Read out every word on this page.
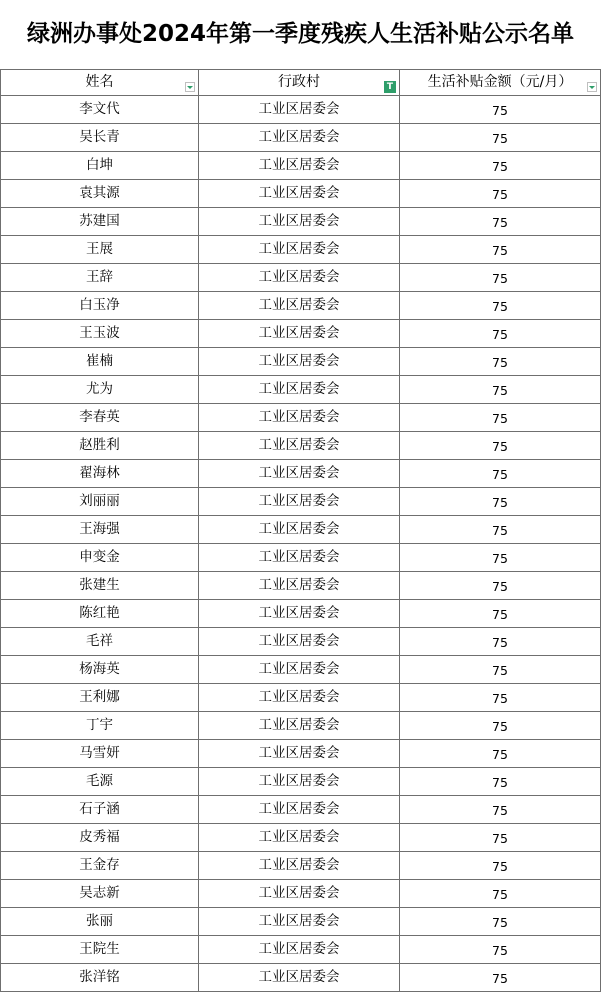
绿洲办事处2024年第一季度残疾人生活补贴公示名单
姓名	行政村 T	生活补贴金额（元/月）

李文代	工业区居委会	75
吴长青	工业区居委会	75
白坤	工业区居委会	75
袁其源	工业区居委会	75
苏建国	工业区居委会	75
王展	工业区居委会	75
王辞	工业区居委会	75
白玉净	工业区居委会	75
王玉波	工业区居委会	75
崔楠	工业区居委会	75
尤为	工业区居委会	75
李春英	工业区居委会	75
赵胜利	工业区居委会	75
翟海林	工业区居委会	75
刘丽丽	工业区居委会	75
王海强	工业区居委会	75
申变金	工业区居委会	75
张建生	工业区居委会	75
陈红艳	工业区居委会	75
毛祥	工业区居委会	75
杨海英	工业区居委会	75
王利娜	工业区居委会	75
丁宇	工业区居委会	75
马雪妍	工业区居委会	75
毛源	工业区居委会	75
石子涵	工业区居委会	75
皮秀福	工业区居委会	75
王金存	工业区居委会	75
吴志新	工业区居委会	75
张丽	工业区居委会	75
王院生	工业区居委会	75
张洋铭	工业区居委会	75
